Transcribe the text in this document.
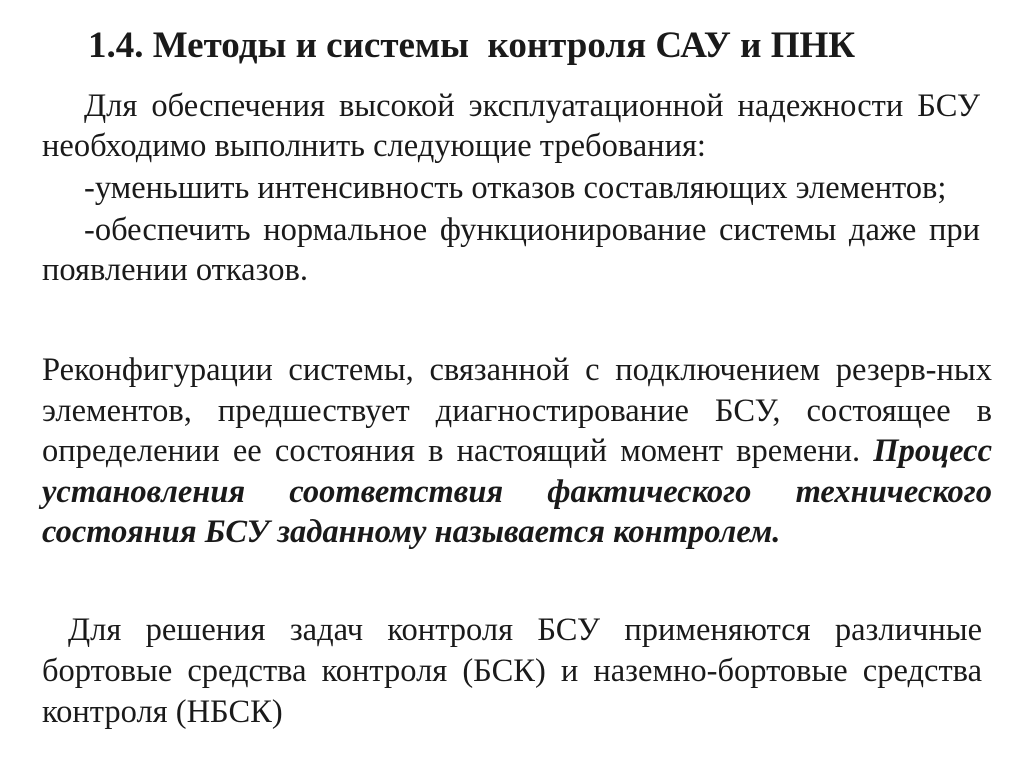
1.4. Методы и системы  контроля САУ и ПНК

Для обеспечения высокой эксплуатационной надежности БСУ необходимо выполнить следующие требования:

-уменьшить интенсивность отказов составляющих элементов;

-обеспечить нормальное функционирование системы даже при появлении отказов.

Реконфигурации системы, связанной с подключением резерв-ных элементов, предшествует диагностирование БСУ, состоящее в определении ее состояния в настоящий момент времени. Процесс установления соответствия фактического технического состояния БСУ заданному называется контролем.

Для решения задач контроля БСУ применяются различные бортовые средства контроля (БСК) и наземно-бортовые средства контроля (НБСК)
